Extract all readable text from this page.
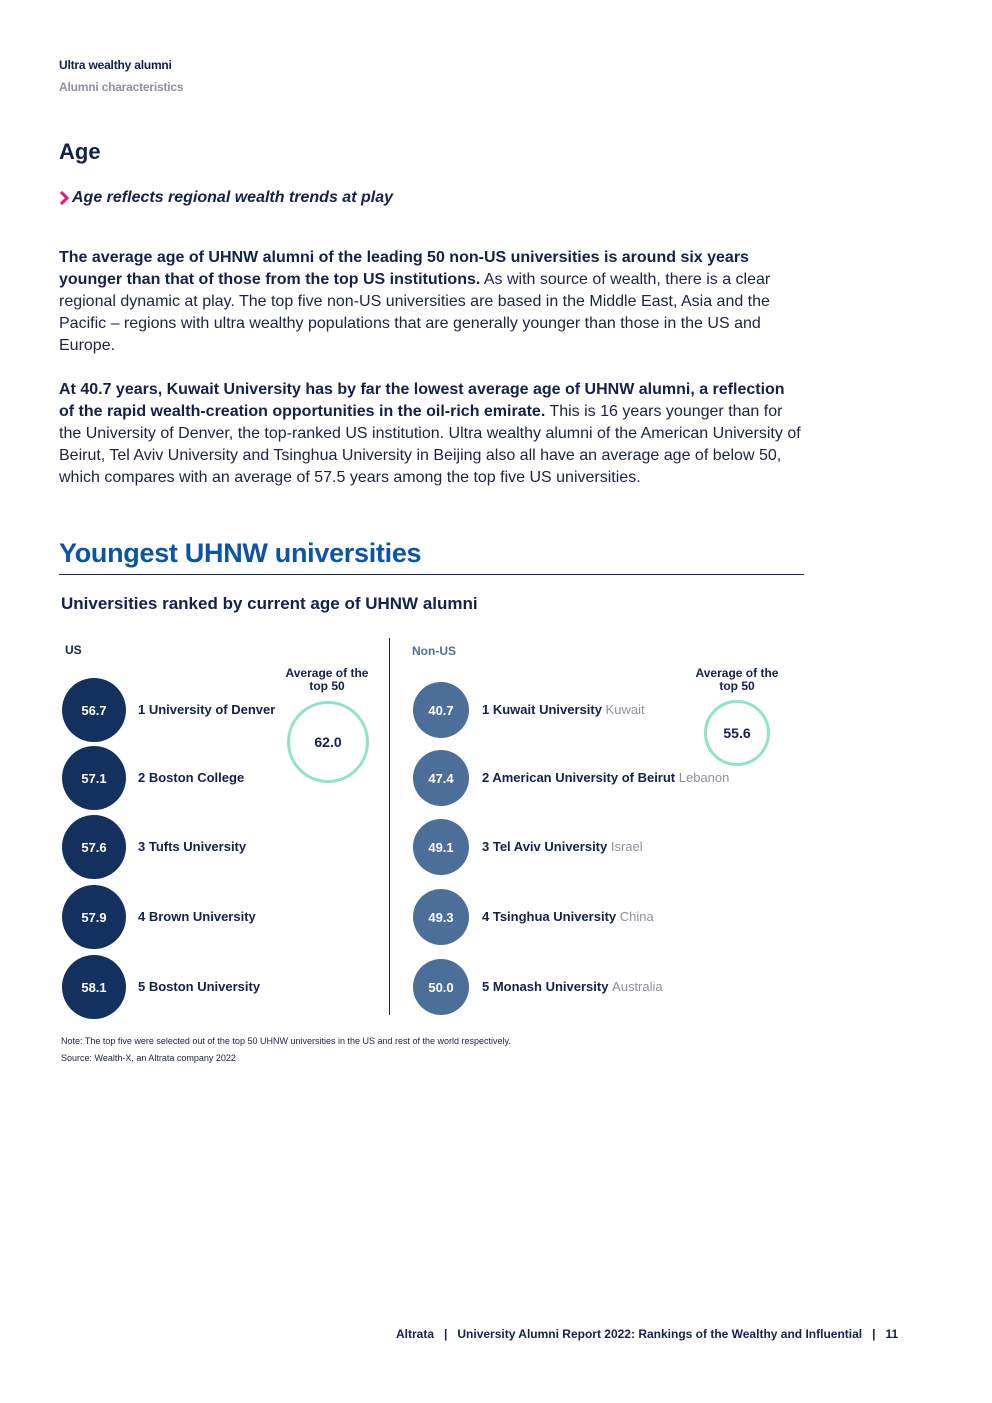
Ultra wealthy alumni
Alumni characteristics
Age
Age reflects regional wealth trends at play
The average age of UHNW alumni of the leading 50 non-US universities is around six years younger than that of those from the top US institutions. As with source of wealth, there is a clear regional dynamic at play. The top five non-US universities are based in the Middle East, Asia and the Pacific – regions with ultra wealthy populations that are generally younger than those in the US and Europe.
At 40.7 years, Kuwait University has by far the lowest average age of UHNW alumni, a reflection of the rapid wealth-creation opportunities in the oil-rich emirate. This is 16 years younger than for the University of Denver, the top-ranked US institution. Ultra wealthy alumni of the American University of Beirut, Tel Aviv University and Tsinghua University in Beijing also all have an average age of below 50, which compares with an average of 57.5 years among the top five US universities.
Youngest UHNW universities
Universities ranked by current age of UHNW alumni
US	Non-US
56.7	1 University of Denver
57.1	2 Boston College
57.6	3 Tufts University
57.9	4 Brown University
58.1	5 Boston University
Average of the top 50
62.0
40.7	1 Kuwait University Kuwait
47.4	2 American University of Beirut Lebanon
49.1	3 Tel Aviv University Israel
49.3	4 Tsinghua University China
50.0	5 Monash University Australia
Average of the top 50
55.6
Note: The top five were selected out of the top 50 UHNW universities in the US and rest of the world respectively.
Source: Wealth-X, an Altrata company 2022
Altrata | University Alumni Report 2022: Rankings of the Wealthy and Influential | 11
